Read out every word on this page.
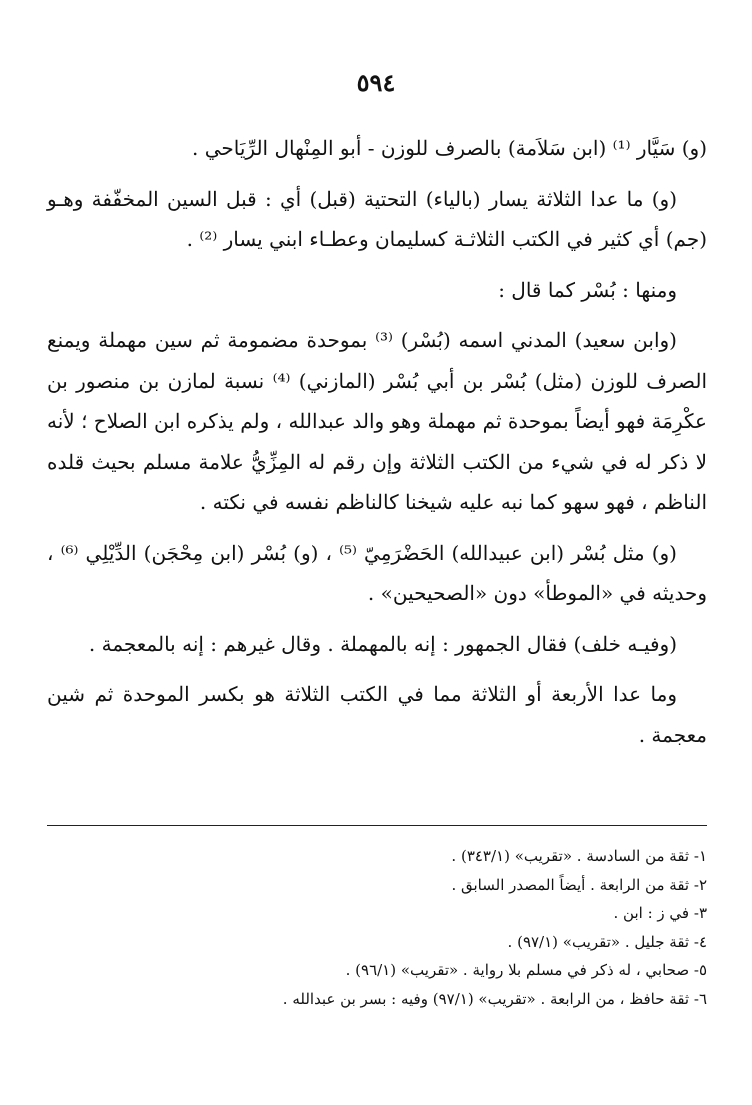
٥٩٤

(و) سَيَّار ⁽¹⁾ (ابن سَلاَمة) بالصرف للوزن - أبو المِنْهال الرِّيَاحي .

(و) ما عدا الثلاثة يسار (بالياء) التحتية (قبل) أي : قبل السين المخفّفة وهـو (جم) أي كثير في الكتب الثلاثـة كسليمان وعطـاء ابني يسار ⁽²⁾ .

ومنها : بُسْر كما قال :

(وابن سعيد) المدني اسمه (بُسْر) ⁽³⁾ بموحدة مضمومة ثم سين مهملة ويمنع الصرف للوزن (مثل) بُسْر بن أبي بُسْر (المازني) ⁽⁴⁾ نسبة لمازن بن منصور بن عكْرِمَة فهو أيضاً بموحدة ثم مهملة وهو والد عبدالله ، ولم يذكره ابن الصلاح ؛ لأنه لا ذكر له في شيء من الكتب الثلاثة وإن رقم له المِزِّيُّ علامة مسلم بحيث قلده الناظم ، فهو سهو كما نبه عليه شيخنا كالناظم نفسه في نكته .

(و) مثل بُسْر (ابن عبيدالله) الحَضْرَمِيّ ⁽⁵⁾ ، (و) بُسْر (ابن مِحْجَن) الدِّيْلِي ⁽⁶⁾ ، وحديثه في «الموطأ» دون «الصحيحين» .

(وفيـه خلف) فقال الجمهور : إنه بالمهملة . وقال غيرهم : إنه بالمعجمة .

وما عدا الأربعة أو الثلاثة مما في الكتب الثلاثة هو بكسر الموحدة ثم شين معجمة .

١- ثقة من السادسة . «تقريب» (٣٤٣/١) .
٢- ثقة من الرابعة . أيضاً المصدر السابق .
٣- في ز : ابن .
٤- ثقة جليل . «تقريب» (٩٧/١) .
٥- صحابي ، له ذكر في مسلم بلا رواية . «تقريب» (٩٦/١) .
٦- ثقة حافظ ، من الرابعة . «تقريب» (٩٧/١) وفيه : بسر بن عبدالله .
